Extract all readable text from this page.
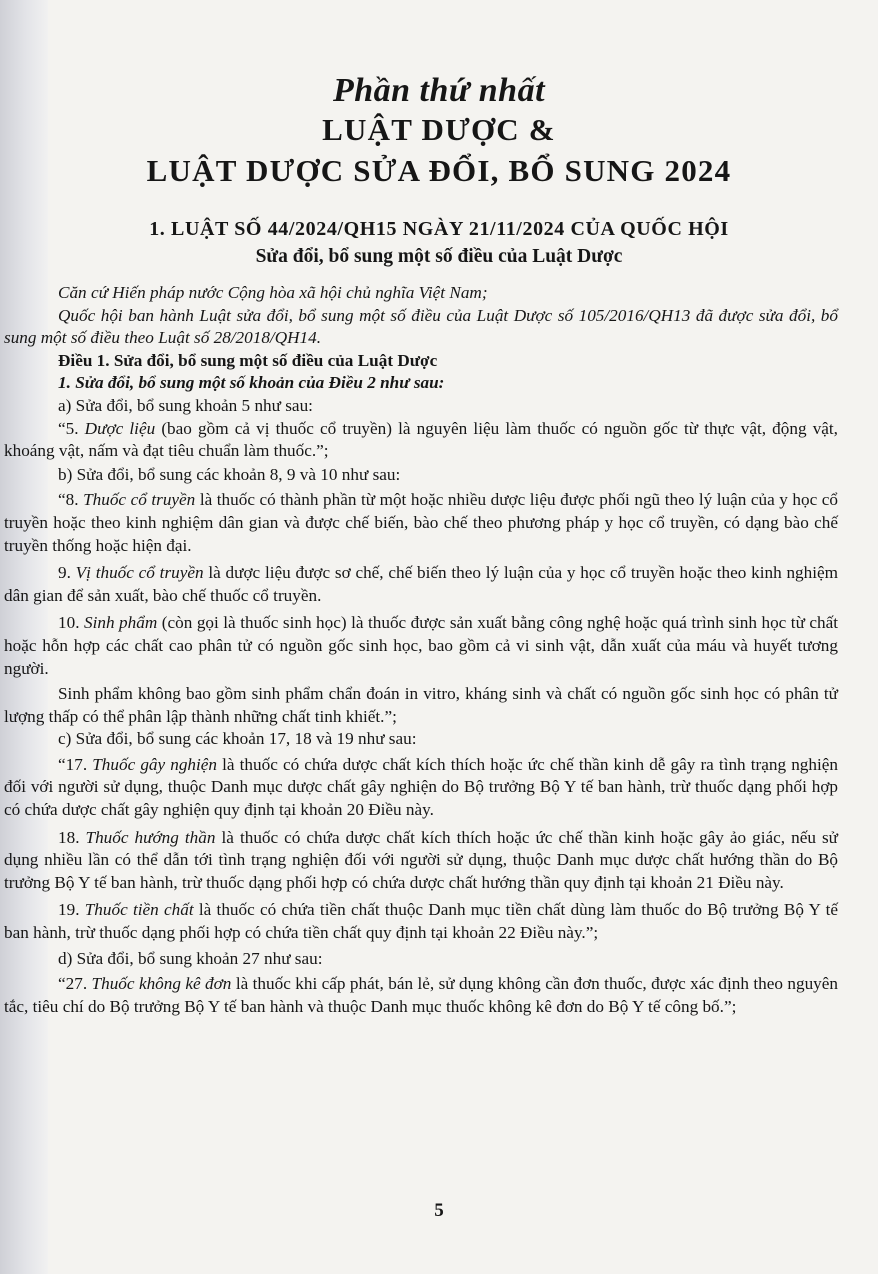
Phần thứ nhất
LUẬT DƯỢC &
LUẬT DƯỢC SỬA ĐỔI, BỔ SUNG 2024
1. LUẬT SỐ 44/2024/QH15 NGÀY 21/11/2024 CỦA QUỐC HỘI
Sửa đổi, bổ sung một số điều của Luật Dược

Căn cứ Hiến pháp nước Cộng hòa xã hội chủ nghĩa Việt Nam;

Quốc hội ban hành Luật sửa đổi, bổ sung một số điều của Luật Dược số 105/2016/QH13 đã được sửa đổi, bổ sung một số điều theo Luật số 28/2018/QH14.

Điều 1. Sửa đổi, bổ sung một số điều của Luật Dược

1. Sửa đổi, bổ sung một số khoản của Điều 2 như sau:

a) Sửa đổi, bổ sung khoản 5 như sau:

“5. Dược liệu (bao gồm cả vị thuốc cổ truyền) là nguyên liệu làm thuốc có nguồn gốc từ thực vật, động vật, khoáng vật, nấm và đạt tiêu chuẩn làm thuốc.”;

b) Sửa đổi, bổ sung các khoản 8, 9 và 10 như sau:

“8. Thuốc cổ truyền là thuốc có thành phần từ một hoặc nhiều dược liệu được phối ngũ theo lý luận của y học cổ truyền hoặc theo kinh nghiệm dân gian và được chế biến, bào chế theo phương pháp y học cổ truyền, có dạng bào chế truyền thống hoặc hiện đại.

9. Vị thuốc cổ truyền là dược liệu được sơ chế, chế biến theo lý luận của y học cổ truyền hoặc theo kinh nghiệm dân gian để sản xuất, bào chế thuốc cổ truyền.

10. Sinh phẩm (còn gọi là thuốc sinh học) là thuốc được sản xuất bằng công nghệ hoặc quá trình sinh học từ chất hoặc hỗn hợp các chất cao phân tử có nguồn gốc sinh học, bao gồm cả vi sinh vật, dẫn xuất của máu và huyết tương người.

Sinh phẩm không bao gồm sinh phẩm chẩn đoán in vitro, kháng sinh và chất có nguồn gốc sinh học có phân tử lượng thấp có thể phân lập thành những chất tinh khiết.”;

c) Sửa đổi, bổ sung các khoản 17, 18 và 19 như sau:

“17. Thuốc gây nghiện là thuốc có chứa dược chất kích thích hoặc ức chế thần kinh dễ gây ra tình trạng nghiện đối với người sử dụng, thuộc Danh mục dược chất gây nghiện do Bộ trưởng Bộ Y tế ban hành, trừ thuốc dạng phối hợp có chứa dược chất gây nghiện quy định tại khoản 20 Điều này.

18. Thuốc hướng thần là thuốc có chứa dược chất kích thích hoặc ức chế thần kinh hoặc gây ảo giác, nếu sử dụng nhiều lần có thể dẫn tới tình trạng nghiện đối với người sử dụng, thuộc Danh mục dược chất hướng thần do Bộ trưởng Bộ Y tế ban hành, trừ thuốc dạng phối hợp có chứa dược chất hướng thần quy định tại khoản 21 Điều này.

19. Thuốc tiền chất là thuốc có chứa tiền chất thuộc Danh mục tiền chất dùng làm thuốc do Bộ trưởng Bộ Y tế ban hành, trừ thuốc dạng phối hợp có chứa tiền chất quy định tại khoản 22 Điều này.”;

d) Sửa đổi, bổ sung khoản 27 như sau:

“27. Thuốc không kê đơn là thuốc khi cấp phát, bán lẻ, sử dụng không cần đơn thuốc, được xác định theo nguyên tắc, tiêu chí do Bộ trưởng Bộ Y tế ban hành và thuộc Danh mục thuốc không kê đơn do Bộ Y tế công bố.”;

5
